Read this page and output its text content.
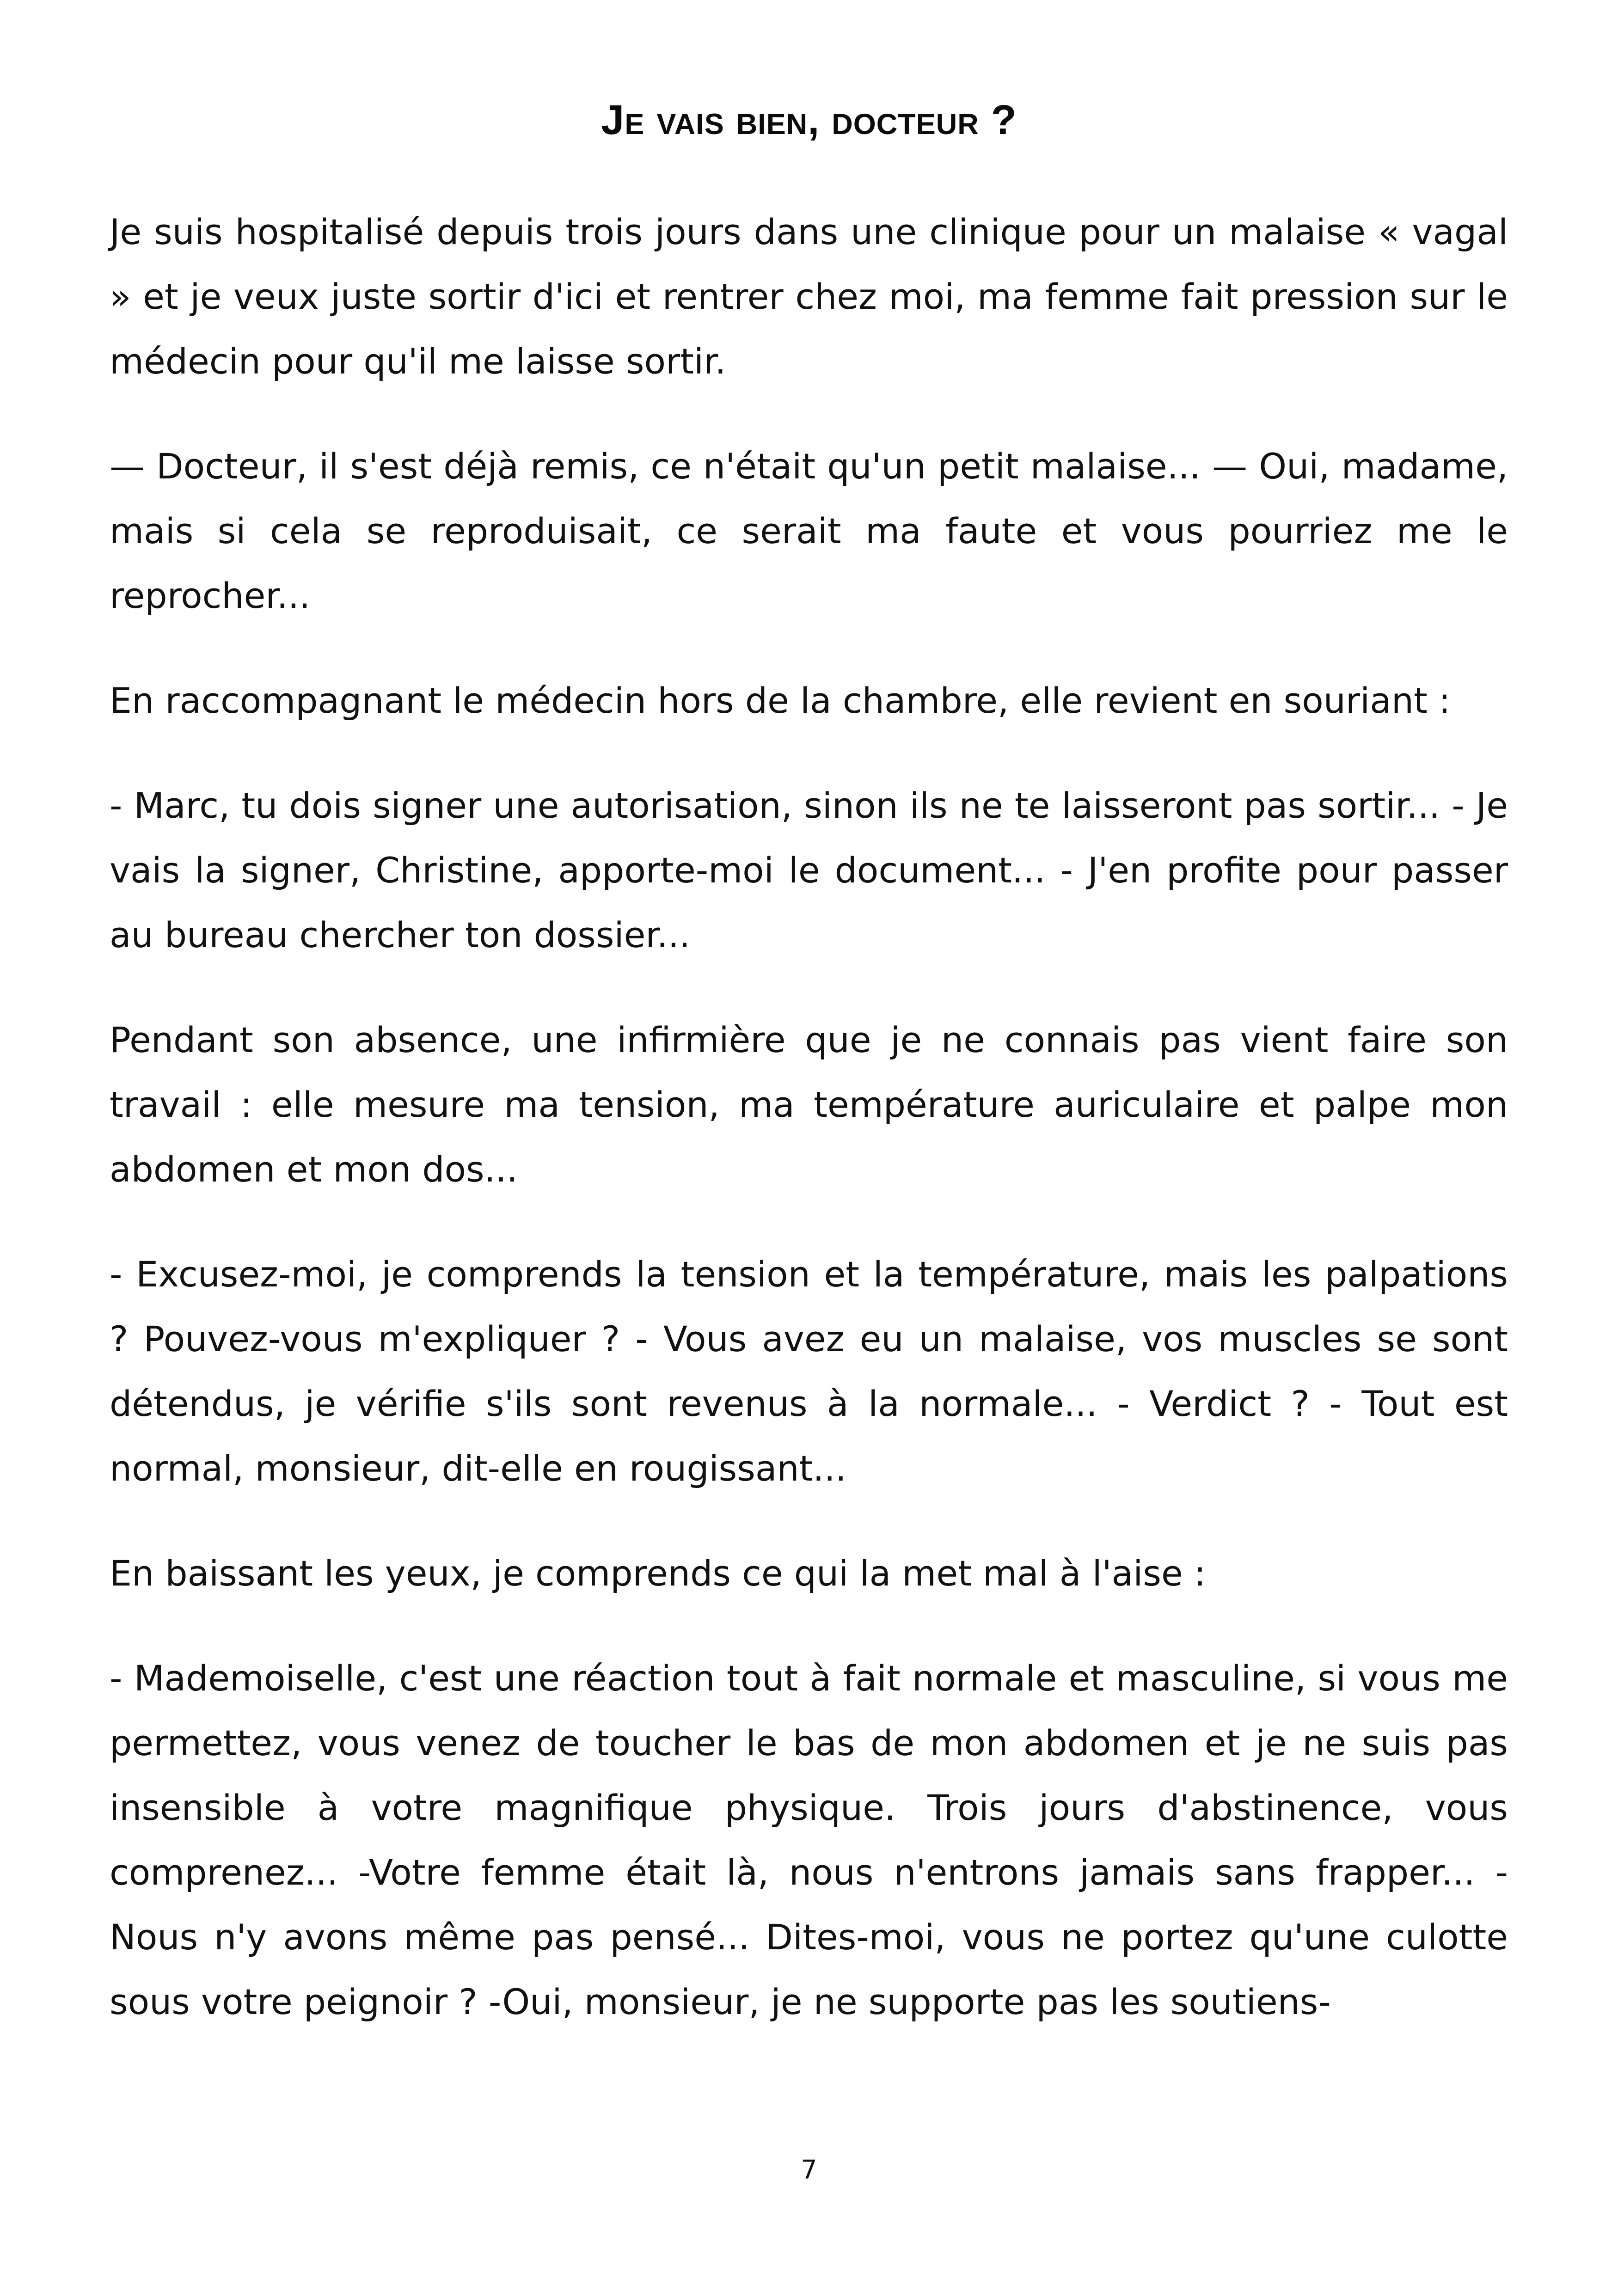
Je vais bien, docteur ?

Je suis hospitalisé depuis trois jours dans une clinique pour un malaise « vagal » et je veux juste sortir d'ici et rentrer chez moi, ma femme fait pression sur le médecin pour qu'il me laisse sortir.

— Docteur, il s'est déjà remis, ce n'était qu'un petit malaise... — Oui, madame, mais si cela se reproduisait, ce serait ma faute et vous pourriez me le reprocher...

En raccompagnant le médecin hors de la chambre, elle revient en souriant :

- Marc, tu dois signer une autorisation, sinon ils ne te laisseront pas sortir... - Je vais la signer, Christine, apporte-moi le document... - J'en profite pour passer au bureau chercher ton dossier...

Pendant son absence, une infirmière que je ne connais pas vient faire son travail : elle mesure ma tension, ma température auriculaire et palpe mon abdomen et mon dos...

- Excusez-moi, je comprends la tension et la température, mais les palpations ? Pouvez-vous m'expliquer ? - Vous avez eu un malaise, vos muscles se sont détendus, je vérifie s'ils sont revenus à la normale... - Verdict ? - Tout est normal, monsieur, dit-elle en rougissant...

En baissant les yeux, je comprends ce qui la met mal à l'aise :

- Mademoiselle, c'est une réaction tout à fait normale et masculine, si vous me permettez, vous venez de toucher le bas de mon abdomen et je ne suis pas insensible à votre magnifique physique. Trois jours d'abstinence, vous comprenez... -Votre femme était là, nous n'entrons jamais sans frapper... - Nous n'y avons même pas pensé... Dites-moi, vous ne portez qu'une culotte sous votre peignoir ? -Oui, monsieur, je ne supporte pas les soutiens-

7
